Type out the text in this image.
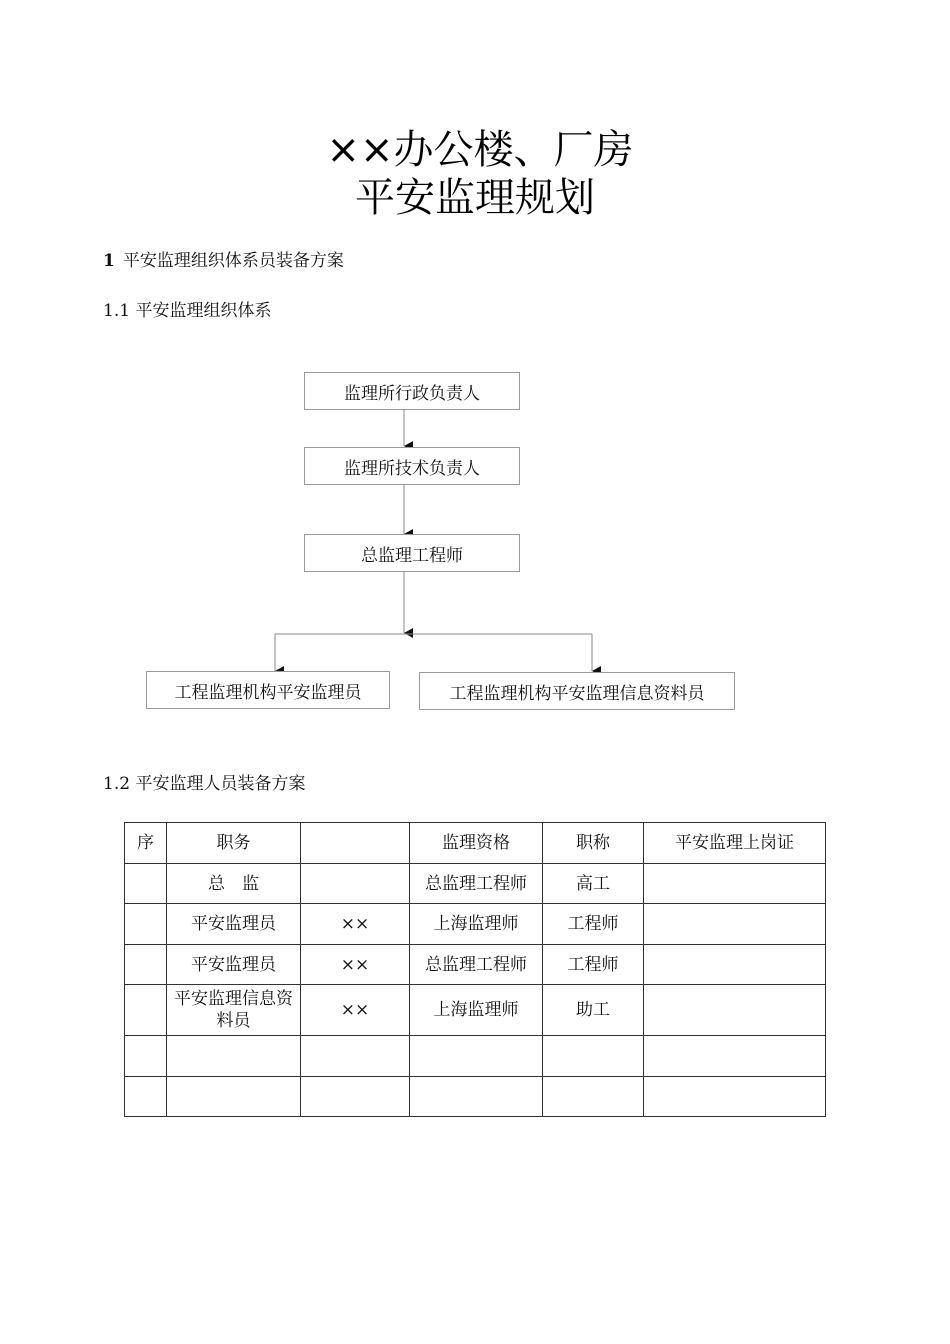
××办公楼、厂房
平安监理规划
1 平安监理组织体系员装备方案
1.1 平安监理组织体系
监理所行政负责人
监理所技术负责人
总监理工程师
工程监理机构平安监理员	工程监理机构平安监理信息资料员
1.2 平安监理人员装备方案
序	职务		监理资格	职称	平安监理上岗证
	总　监		总监理工程师	高工	
	平安监理员	××	上海监理师	工程师	
	平安监理员	××	总监理工程师	工程师	
	平安监理信息资料员	××	上海监理师	助工	
